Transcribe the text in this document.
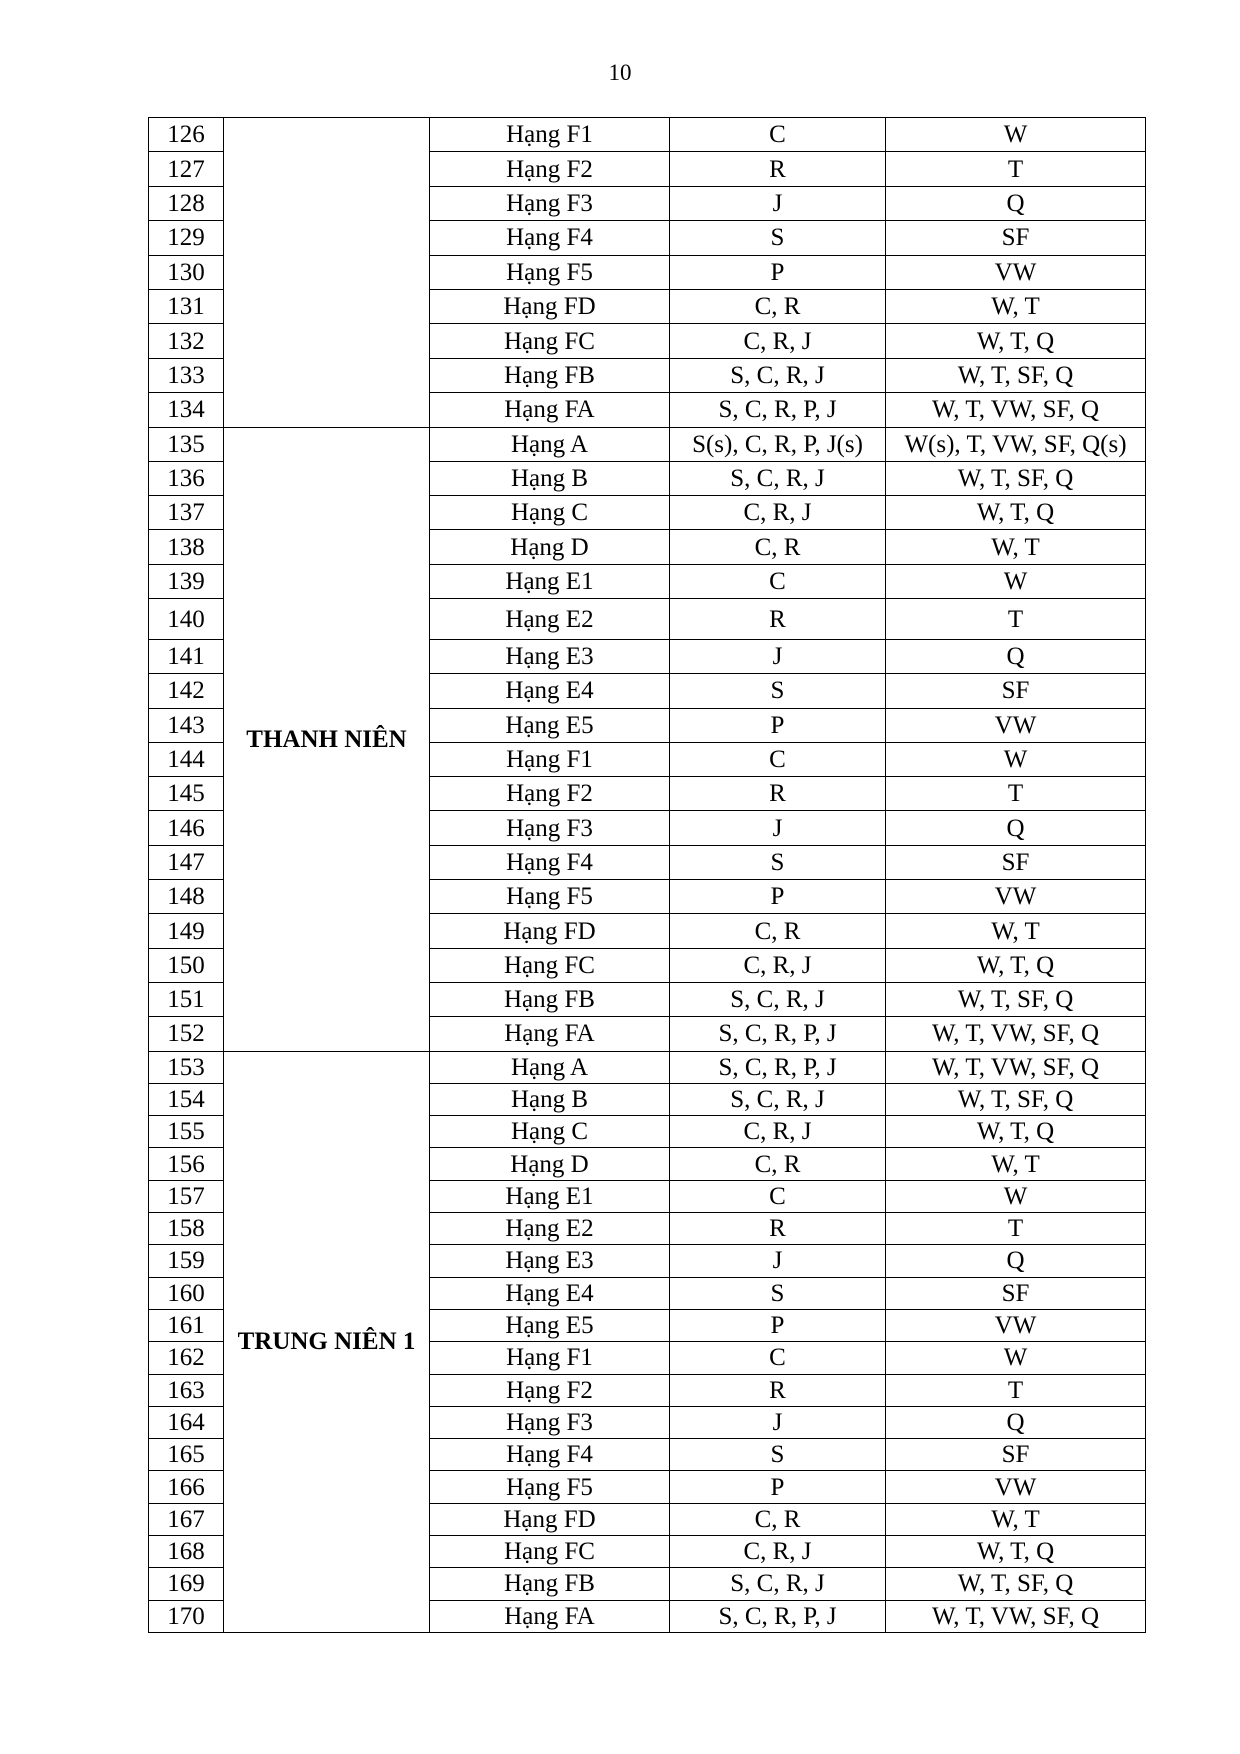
10
126		Hạng F1	C	W
127		Hạng F2	R	T
128		Hạng F3	J	Q
129		Hạng F4	S	SF
130		Hạng F5	P	VW
131		Hạng FD	C, R	W, T
132		Hạng FC	C, R, J	W, T, Q
133		Hạng FB	S, C, R, J	W, T, SF, Q
134		Hạng FA	S, C, R, P, J	W, T, VW, SF, Q
135	THANH NIÊN	Hạng A	S(s), C, R, P, J(s)	W(s), T, VW, SF, Q(s)
136		Hạng B	S, C, R, J	W, T, SF, Q
137		Hạng C	C, R, J	W, T, Q
138		Hạng D	C, R	W, T
139		Hạng E1	C	W
140		Hạng E2	R	T
141		Hạng E3	J	Q
142		Hạng E4	S	SF
143		Hạng E5	P	VW
144		Hạng F1	C	W
145		Hạng F2	R	T
146		Hạng F3	J	Q
147		Hạng F4	S	SF
148		Hạng F5	P	VW
149		Hạng FD	C, R	W, T
150		Hạng FC	C, R, J	W, T, Q
151		Hạng FB	S, C, R, J	W, T, SF, Q
152		Hạng FA	S, C, R, P, J	W, T, VW, SF, Q
153	TRUNG NIÊN 1	Hạng A	S, C, R, P, J	W, T, VW, SF, Q
154		Hạng B	S, C, R, J	W, T, SF, Q
155		Hạng C	C, R, J	W, T, Q
156		Hạng D	C, R	W, T
157		Hạng E1	C	W
158		Hạng E2	R	T
159		Hạng E3	J	Q
160		Hạng E4	S	SF
161		Hạng E5	P	VW
162		Hạng F1	C	W
163		Hạng F2	R	T
164		Hạng F3	J	Q
165		Hạng F4	S	SF
166		Hạng F5	P	VW
167		Hạng FD	C, R	W, T
168		Hạng FC	C, R, J	W, T, Q
169		Hạng FB	S, C, R, J	W, T, SF, Q
170		Hạng FA	S, C, R, P, J	W, T, VW, SF, Q
